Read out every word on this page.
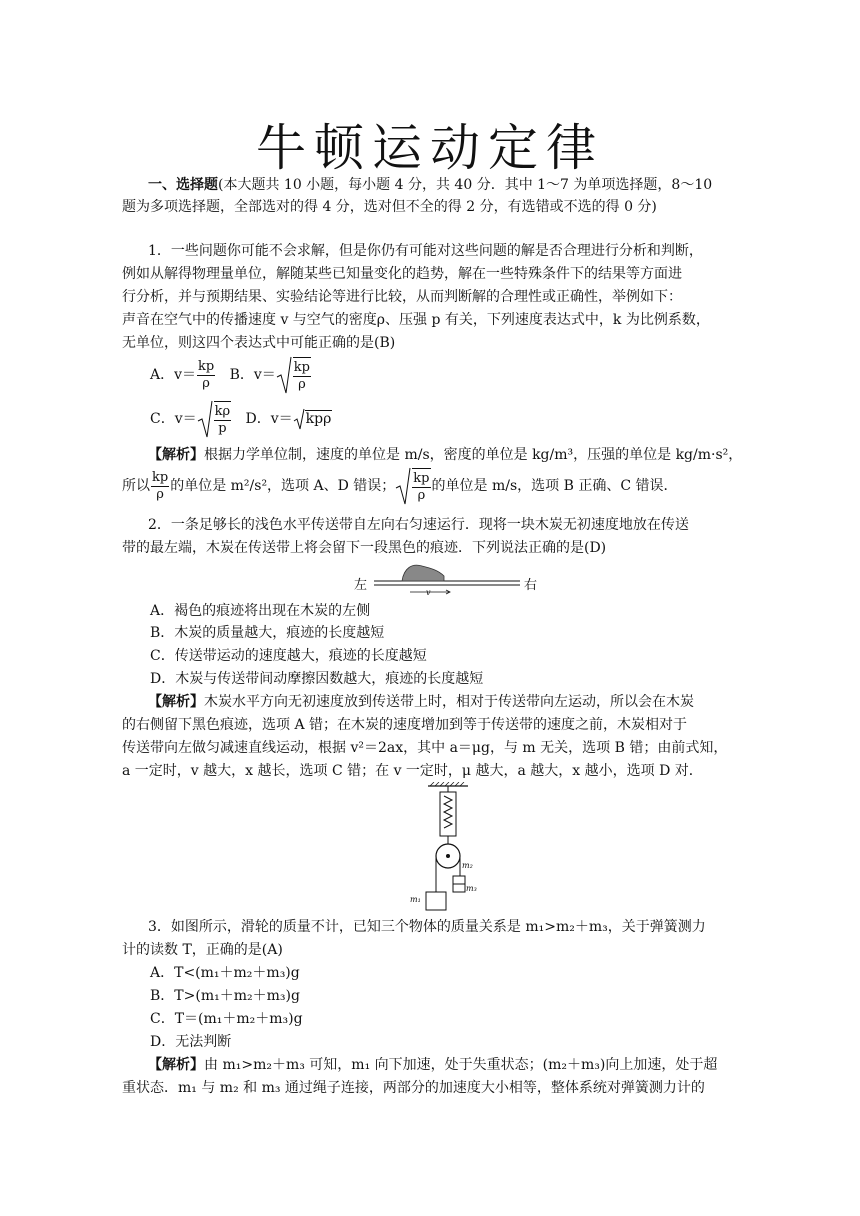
牛顿运动定律
一、选择题(本大题共 10 小题，每小题 4 分，共 40 分．其中 1～7 为单项选择题，8～10
题为多项选择题，全部选对的得 4 分，选对但不全的得 2 分，有选错或不选的得 0 分)
1．一些问题你可能不会求解，但是你仍有可能对这些问题的解是否合理进行分析和判断，
例如从解得物理量单位，解随某些已知量变化的趋势，解在一些特殊条件下的结果等方面进
行分析，并与预期结果、实验结论等进行比较，从而判断解的合理性或正确性，举例如下：
声音在空气中的传播速度 v 与空气的密度ρ、压强 p 有关，下列速度表达式中，k 为比例系数，
无单位，则这四个表达式中可能正确的是(B)
A．$v= \frac{kp}{\rho}$ B．$v= \frac{kp}{\rho}$
C．$v= \frac{k\rho}{p}$ D．v＝ kpρ
【解析】根据力学单位制，速度的单位是 m/s，密度的单位是 kg/m³，压强的单位是 kg/m·s²，
所以 $\frac{kp}{\rho}$ 的单位是 m²/s²，选项 A、D 错误； $\frac{kp}{\rho}$ 的单位是 m/s，选项 B 正确、C 错误．
2．一条足够长的浅色水平传送带自左向右匀速运行．现将一块木炭无初速度地放在传送
带的最左端，木炭在传送带上将会留下一段黑色的痕迹．下列说法正确的是(D)
左	右
v
A．褐色的痕迹将出现在木炭的左侧
B．木炭的质量越大，痕迹的长度越短
C．传送带运动的速度越大，痕迹的长度越短
D．木炭与传送带间动摩擦因数越大，痕迹的长度越短
【解析】木炭水平方向无初速度放到传送带上时，相对于传送带向左运动，所以会在木炭
的右侧留下黑色痕迹，选项 A 错；在木炭的速度增加到等于传送带的速度之前，木炭相对于
传送带向左做匀减速直线运动，根据 v²＝2ax，其中 a＝μg，与 m 无关，选项 B 错；由前式知，
a 一定时，v 越大，x 越长，选项 C 错；在 v 一定时，μ 越大，a 越大，x 越小，选项 D 对．
m₂
m₃
m₁
3．如图所示，滑轮的质量不计，已知三个物体的质量关系是 m₁>m₂＋m₃，关于弹簧测力
计的读数 T，正确的是(A)
A．T<(m₁＋m₂＋m₃)g
B．T>(m₁＋m₂＋m₃)g
C．T＝(m₁＋m₂＋m₃)g
D．无法判断
【解析】由 m₁>m₂＋m₃ 可知，m₁ 向下加速，处于失重状态；(m₂＋m₃)向上加速，处于超
重状态．m₁ 与 m₂ 和 m₃ 通过绳子连接，两部分的加速度大小相等，整体系统对弹簧测力计的
